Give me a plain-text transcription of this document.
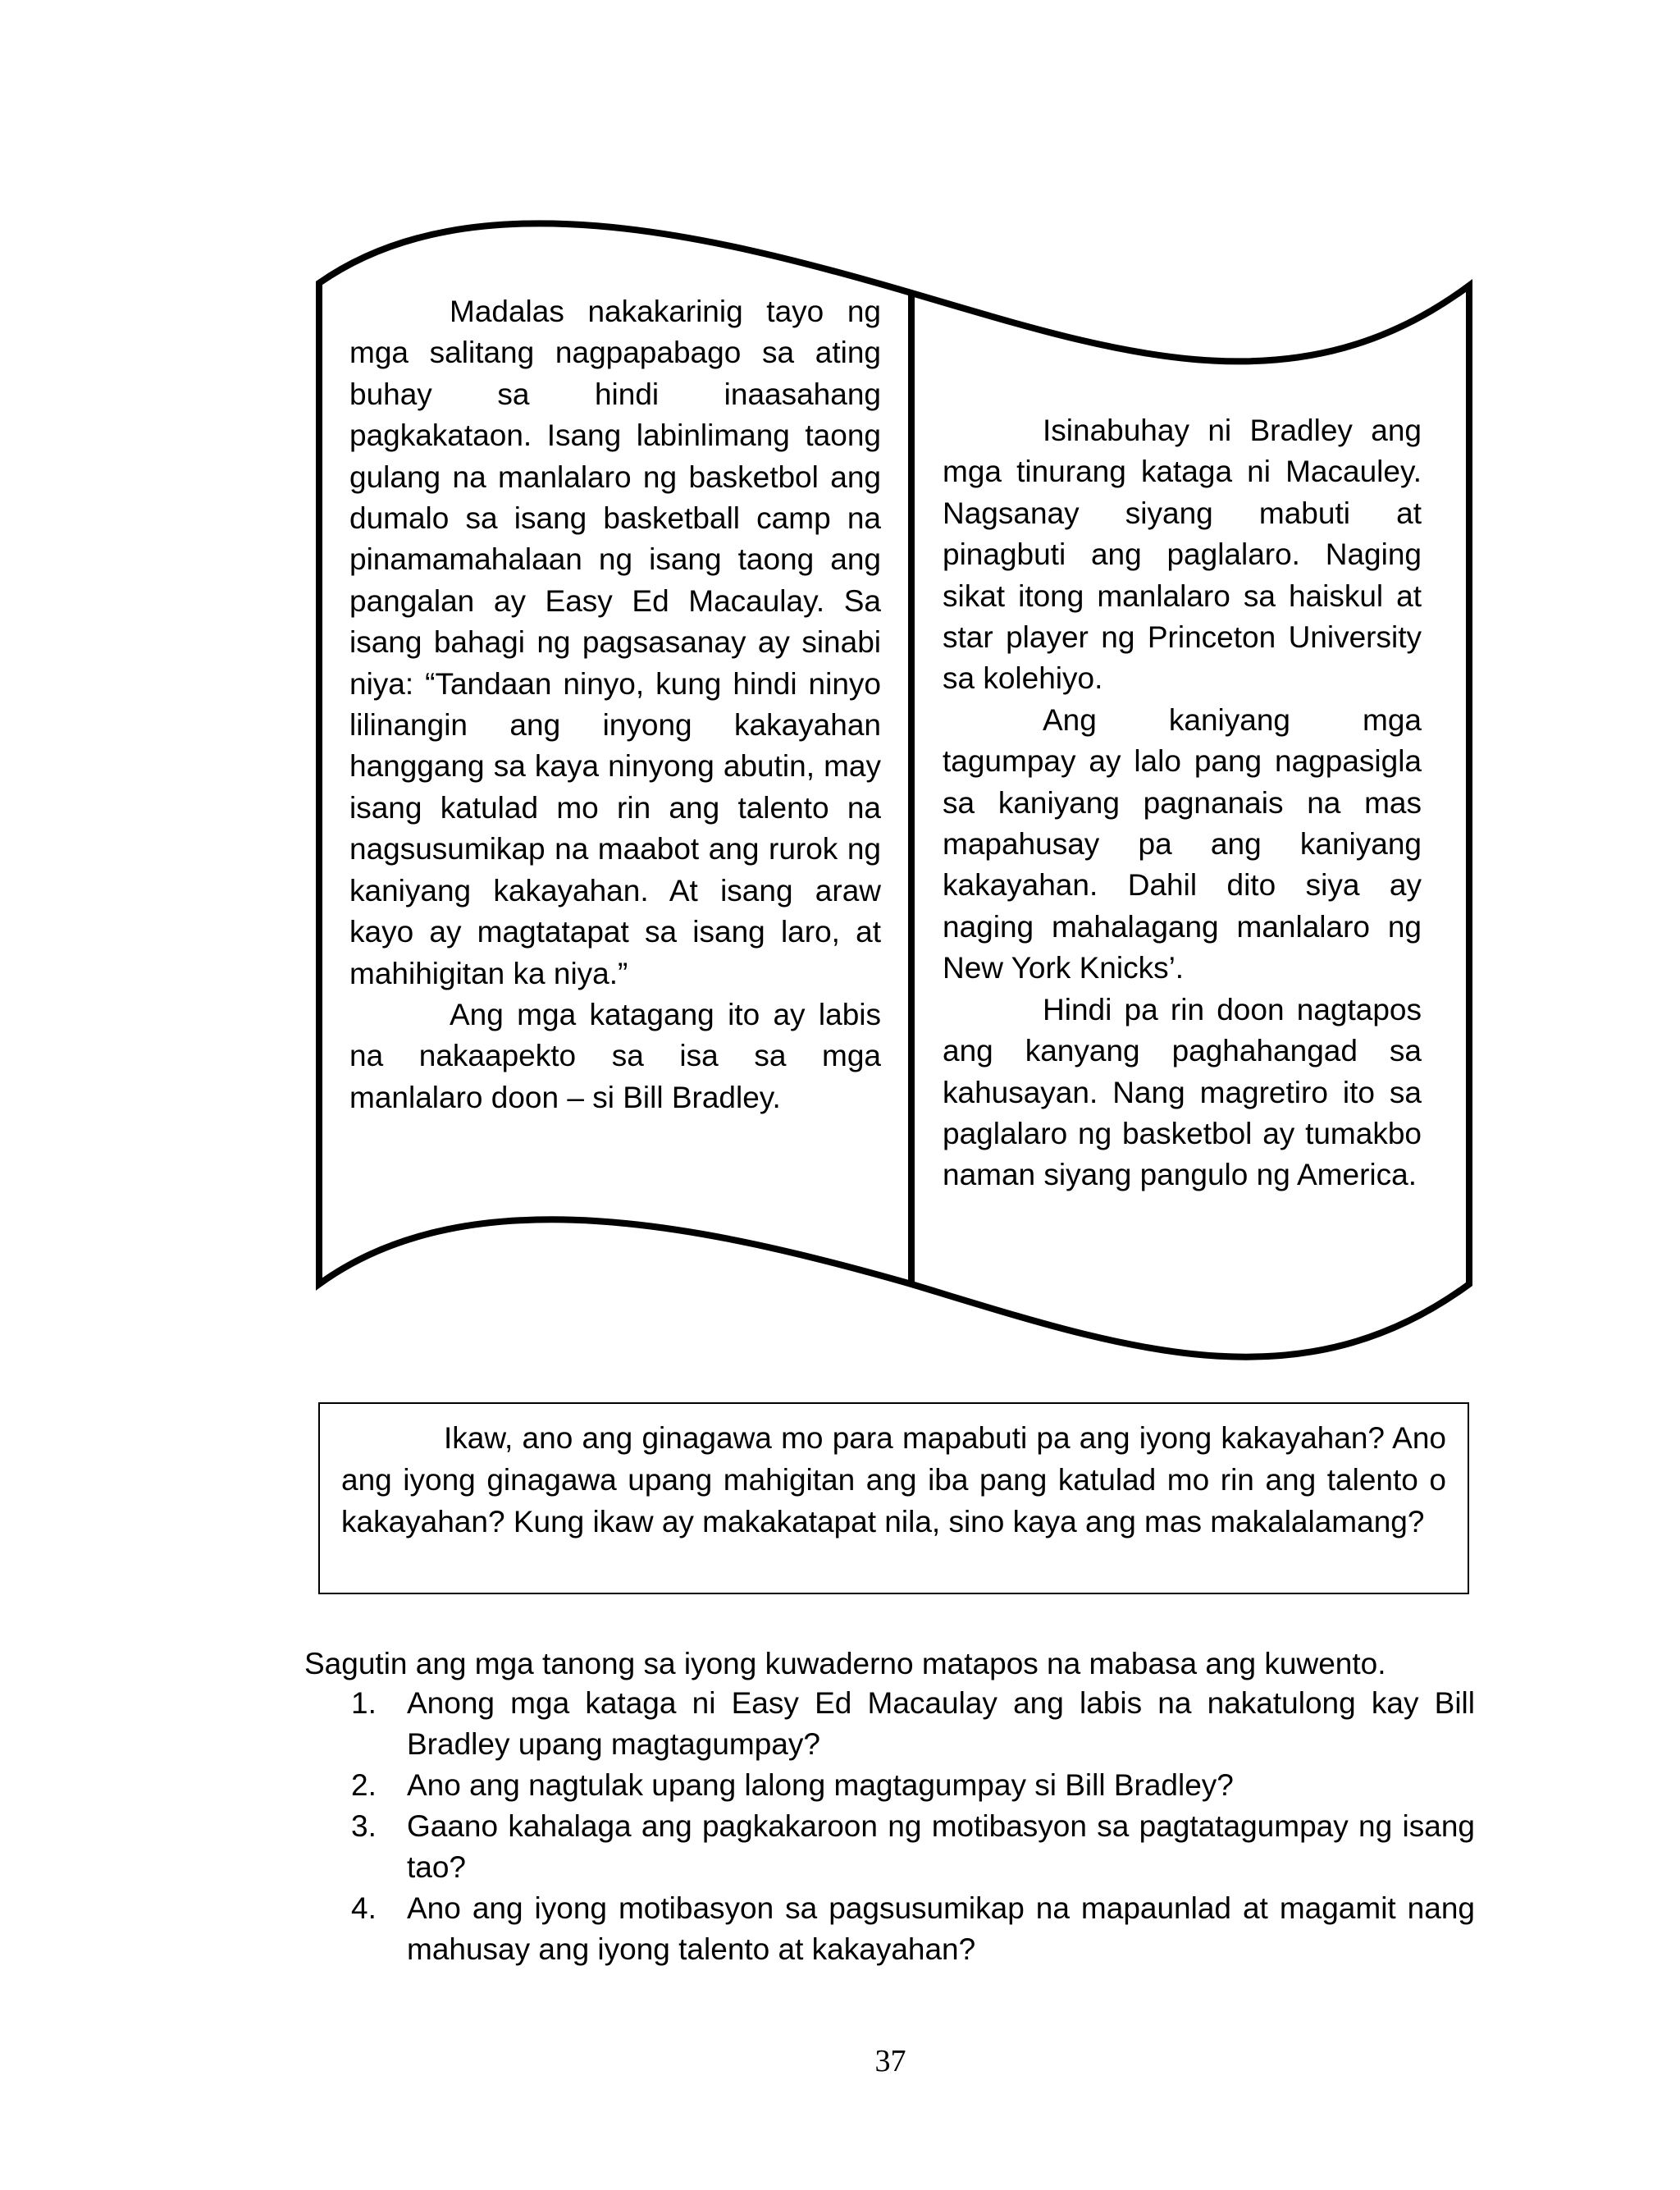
Madalas nakakarinig tayo ng mga salitang nagpapabago sa ating buhay sa hindi inaasahang pagkakataon. Isang labinlimang taong gulang na manlalaro ng basketbol ang dumalo sa isang basketball camp na pinamamahalaan ng isang taong ang pangalan ay Easy Ed Macaulay. Sa isang bahagi ng pagsasanay ay sinabi niya: “Tandaan ninyo, kung hindi ninyo lilinangin ang inyong kakayahan hanggang sa kaya ninyong abutin, may isang katulad mo rin ang talento na nagsusumikap na maabot ang rurok ng kaniyang kakayahan. At isang araw kayo ay magtatapat sa isang laro, at mahihigitan ka niya.”

Ang mga katagang ito ay labis na nakaapekto sa isa sa mga manlalaro doon – si Bill Bradley.

Isinabuhay ni Bradley ang mga tinurang kataga ni Macauley. Nagsanay siyang mabuti at pinagbuti ang paglalaro. Naging sikat itong manlalaro sa haiskul at star player ng Princeton University sa kolehiyo.

Ang kaniyang mga tagumpay ay lalo pang nagpasigla sa kaniyang pagnanais na mas mapahusay pa ang kaniyang kakayahan. Dahil dito siya ay naging mahalagang manlalaro ng New York Knicks’.

Hindi pa rin doon nagtapos ang kanyang paghahangad sa kahusayan. Nang magretiro ito sa paglalaro ng basketbol ay tumakbo naman siyang pangulo ng America.

Ikaw, ano ang ginagawa mo para mapabuti pa ang iyong kakayahan? Ano ang iyong ginagawa upang mahigitan ang iba pang katulad mo rin ang talento o kakayahan? Kung ikaw ay makakatapat nila, sino kaya ang mas makalalamang?

Sagutin ang mga tanong sa iyong kuwaderno matapos na mabasa ang kuwento.

1.	Anong mga kataga ni Easy Ed Macaulay ang labis na nakatulong kay Bill Bradley upang magtagumpay?
2.	Ano ang nagtulak upang lalong magtagumpay si Bill Bradley?
3.	Gaano kahalaga ang pagkakaroon ng motibasyon sa pagtatagumpay ng isang tao?
4.	Ano ang iyong motibasyon sa pagsusumikap na mapaunlad at magamit nang mahusay ang iyong talento at kakayahan?
37
